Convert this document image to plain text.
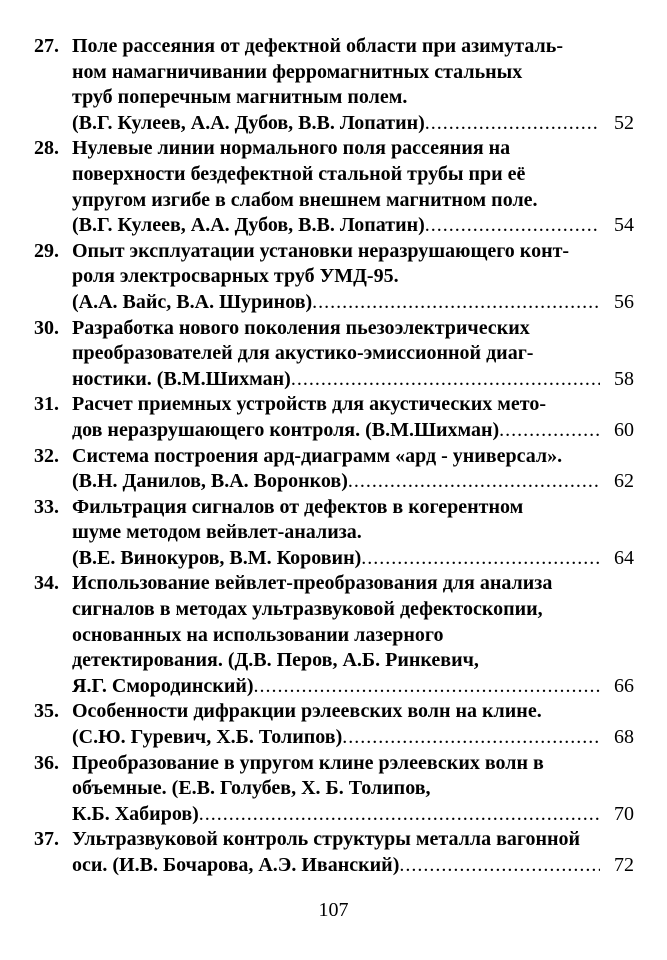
27. Поле рассеяния от дефектной области при азимуталь-
ном намагничивании ферромагнитных стальных
труб поперечным магнитным полем.
(В.Г. Кулеев, А.А. Дубов, В.В. Лопатин) .....	52
28. Нулевые линии нормального поля рассеяния на
поверхности бездефектной стальной трубы при её
упругом изгибе в слабом внешнем магнитном поле.
(В.Г. Кулеев, А.А. Дубов, В.В. Лопатин) .....	54
29. Опыт эксплуатации установки неразрушающего конт-
роля электросварных труб УМД-95.
(А.А. Вайс, В.А. Шуринов) .....	56
30. Разработка нового поколения пьезоэлектрических
преобразователей для акустико-эмиссионной диаг-
ностики. (В.М.Шихман) .....	58
31. Расчет приемных устройств для акустических мето-
дов неразрушающего контроля. (В.М.Шихман) .....	60
32. Система построения ард-диаграмм «ард - универсал».
(В.Н. Данилов, В.А. Воронков) .....	62
33. Фильтрация сигналов от дефектов в когерентном
шуме методом вейвлет-анализа.
(В.Е. Винокуров, В.М. Коровин) .....	64
34. Использование вейвлет-преобразования для анализа
сигналов в методах ультразвуковой дефектоскопии,
основанных на использовании лазерного
детектирования. (Д.В. Перов, А.Б. Ринкевич,
Я.Г. Смородинский) .....	66
35. Особенности дифракции рэлеевских волн на клине.
(С.Ю. Гуревич, Х.Б. Толипов) .....	68
36. Преобразование в упругом клине рэлеевских волн в
объемные. (Е.В. Голубев, Х. Б. Толипов,
К.Б. Хабиров) .....	70
37. Ультразвуковой контроль структуры металла вагонной
оси. (И.В. Бочарова, А.Э. Иванский) .....	72
107
